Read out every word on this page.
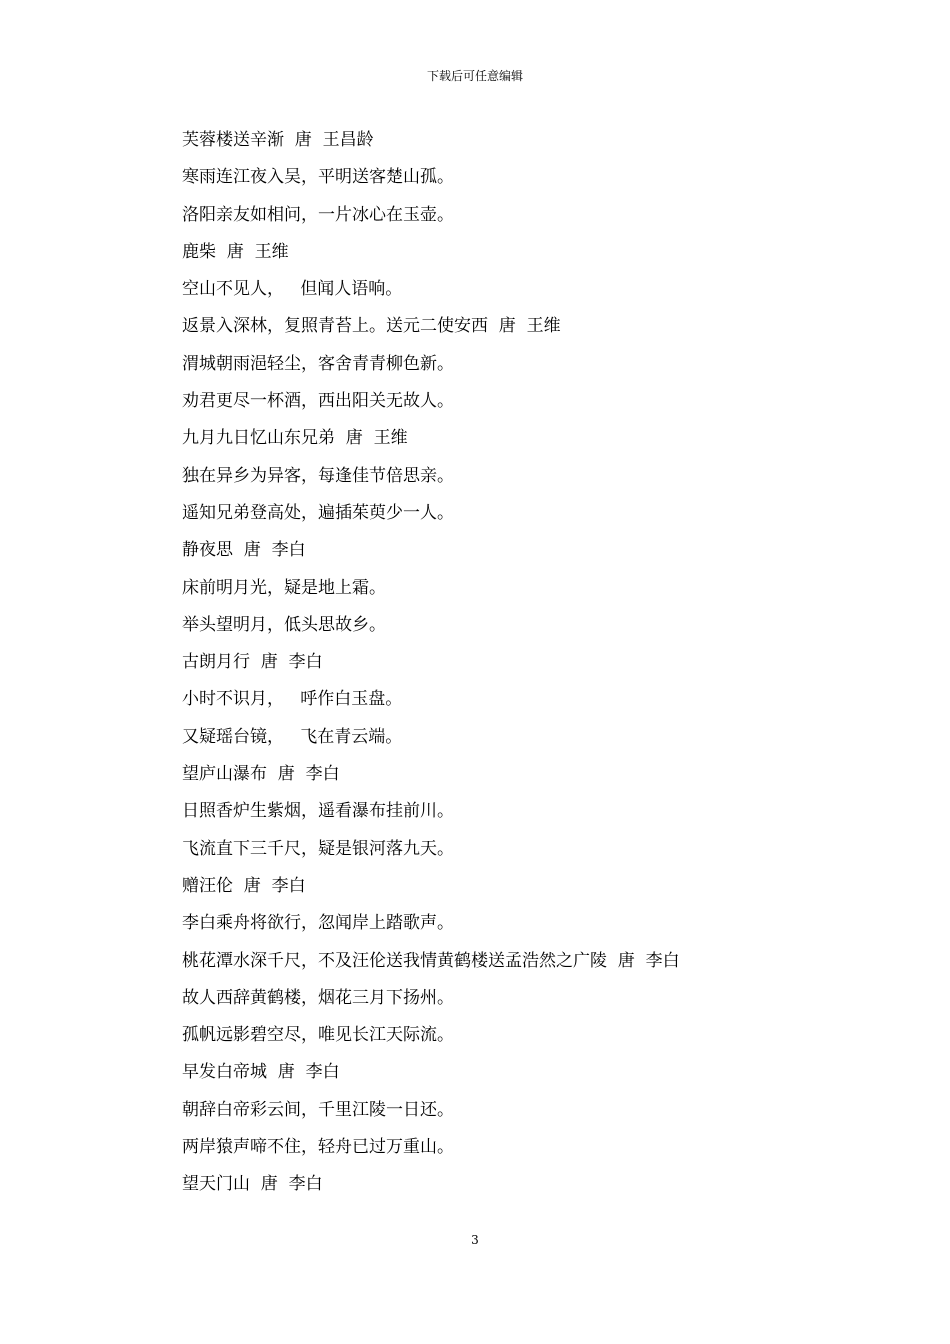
下载后可任意编辑
芙蓉楼送辛渐  唐  王昌龄
寒雨连江夜入吴，平明送客楚山孤。
洛阳亲友如相问，一片冰心在玉壶。
鹿柴  唐  王维
空山不见人，   但闻人语响。
返景入深林，复照青苔上。送元二使安西  唐  王维
渭城朝雨浥轻尘，客舍青青柳色新。
劝君更尽一杯酒，西出阳关无故人。
九月九日忆山东兄弟  唐  王维
独在异乡为异客，每逢佳节倍思亲。
遥知兄弟登高处，遍插茱萸少一人。
静夜思  唐  李白
床前明月光，疑是地上霜。
举头望明月，低头思故乡。
古朗月行  唐  李白
小时不识月，   呼作白玉盘。
又疑瑶台镜，   飞在青云端。
望庐山瀑布  唐  李白
日照香炉生紫烟，遥看瀑布挂前川。
飞流直下三千尺，疑是银河落九天。
赠汪伦  唐  李白
李白乘舟将欲行，忽闻岸上踏歌声。
桃花潭水深千尺，不及汪伦送我情黄鹤楼送孟浩然之广陵  唐  李白
故人西辞黄鹤楼，烟花三月下扬州。
孤帆远影碧空尽，唯见长江天际流。
早发白帝城  唐  李白
朝辞白帝彩云间，千里江陵一日还。
两岸猿声啼不住，轻舟已过万重山。
望天门山  唐  李白
3
